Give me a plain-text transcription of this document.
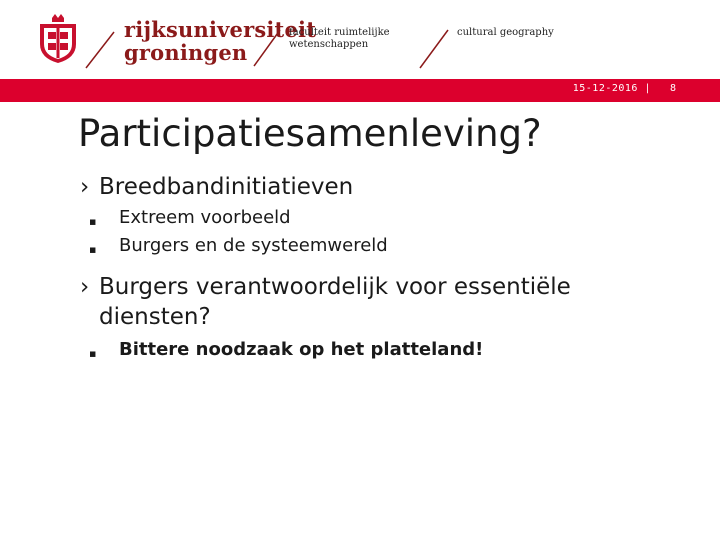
rijksuniversiteit
groningen
faculteit ruimtelijke
wetenschappen
cultural geography
15-12-2016 | 8
Participatiesamenleving?
› Breedbandinitiatieven
▪ Extreem voorbeeld
▪ Burgers en de systeemwereld
› Burgers verantwoordelijk voor essentiële
diensten?
▪ Bittere noodzaak op het platteland!
